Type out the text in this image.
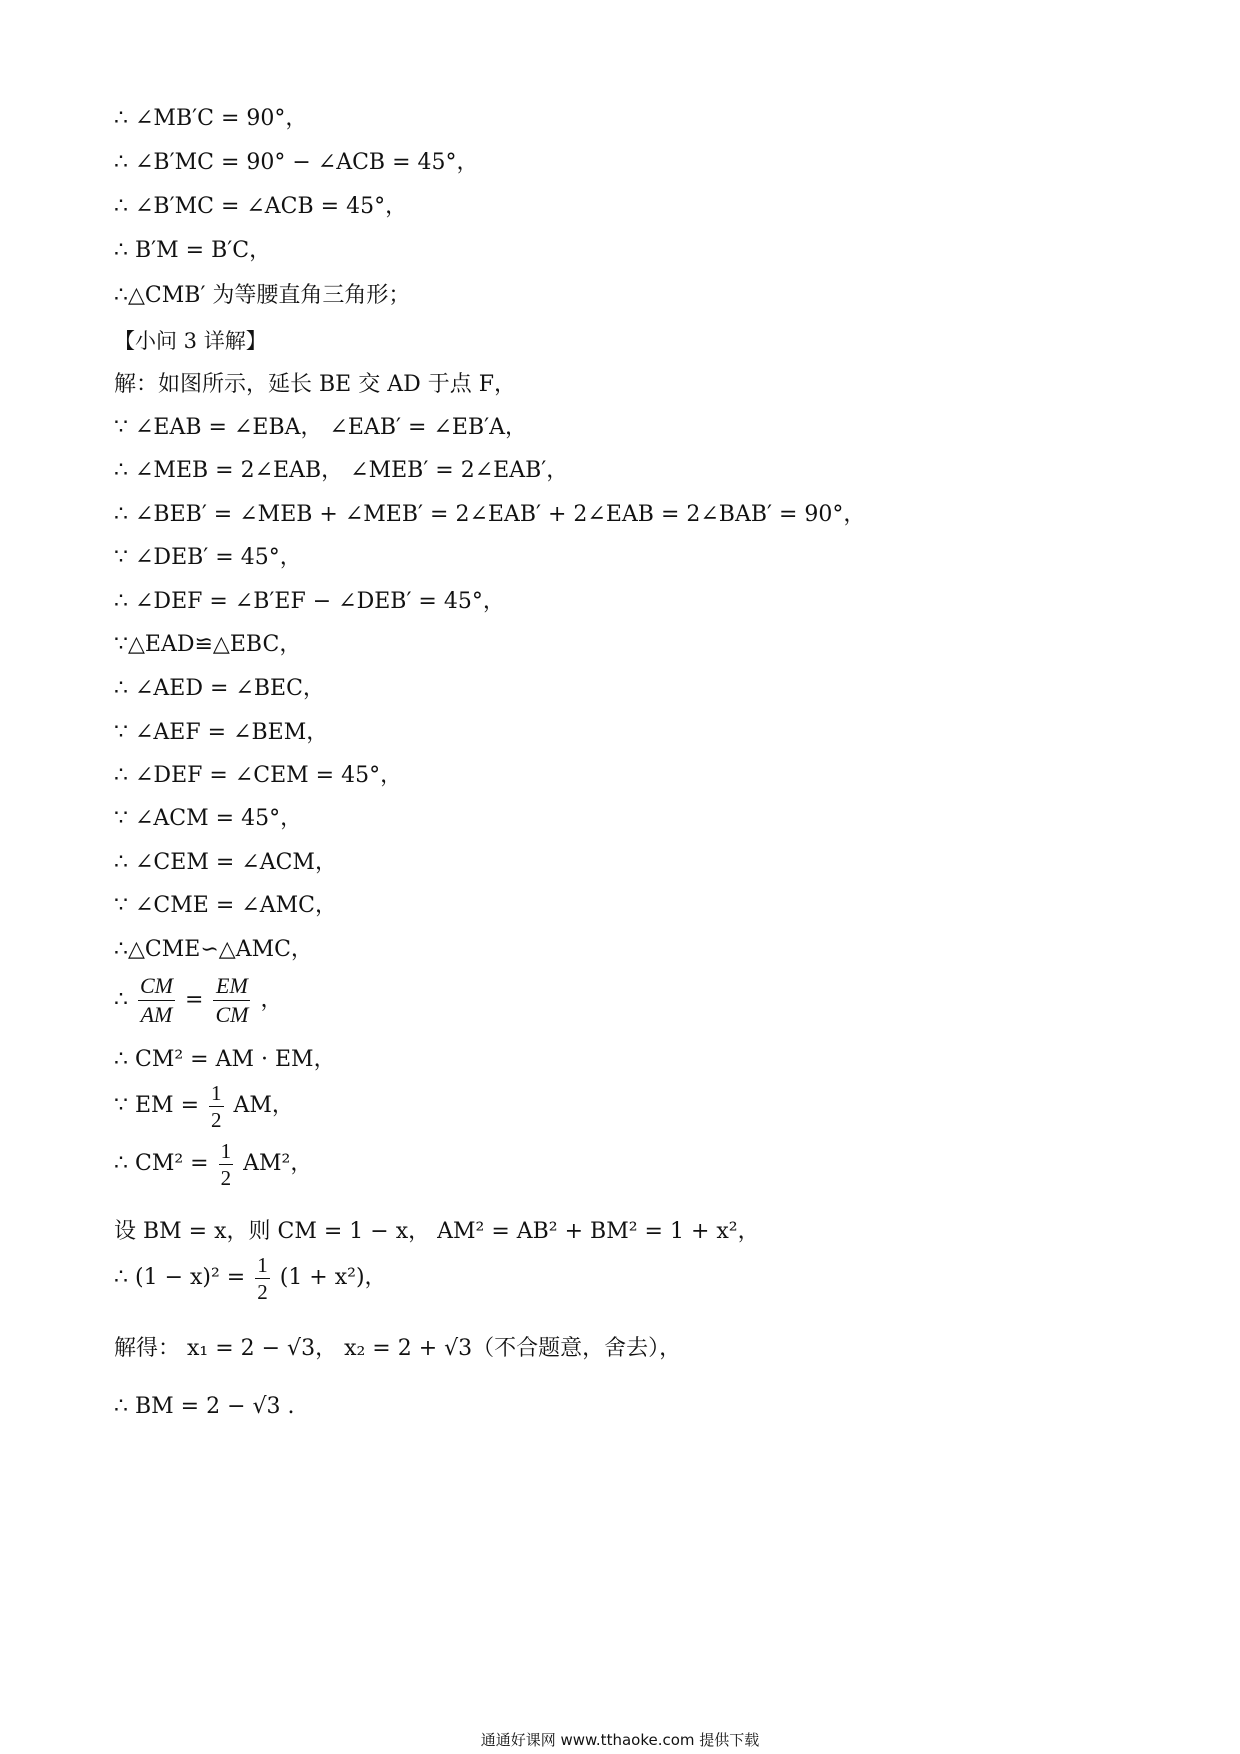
∴ ∠MB′C = 90°，
∴ ∠B′MC = 90° − ∠ACB = 45°，
∴ ∠B′MC = ∠ACB = 45°，
∴ B′M = B′C，
∴△CMB′ 为等腰直角三角形；
【小问 3 详解】
解：如图所示，延长 BE 交 AD 于点 F，
∵ ∠EAB = ∠EBA， ∠EAB′ = ∠EB′A，
∴ ∠MEB = 2∠EAB， ∠MEB′ = 2∠EAB′，
∴ ∠BEB′ = ∠MEB + ∠MEB′ = 2∠EAB′ + 2∠EAB = 2∠BAB′ = 90°，
∵ ∠DEB′ = 45°，
∴ ∠DEF = ∠B′EF − ∠DEB′ = 45°，
∵△EAD≌△EBC，
∴ ∠AED = ∠BEC，
∵ ∠AEF = ∠BEM，
∴ ∠DEF = ∠CEM = 45°，
∵ ∠ACM = 45°，
∴ ∠CEM = ∠ACM，
∵ ∠CME = ∠AMC，
∴△CME∽△AMC，
∴ $\frac{CM}{AM} = \frac{EM}{CM}$ ，
∴ CM² = AM · EM，
∵ EM = $\frac{1}{2}$ AM，
∴ $CM^2 = \frac{1}{2} AM^2$，
设 BM = x，则 CM = 1 − x， AM² = AB² + BM² = 1 + x²，
∴ $(1 - x)^2 = \frac{1}{2} (1 + x^2)$，
解得： x₁ = 2 − √3， x₂ = 2 + √3（不合题意，舍去），
∴ BM = 2 − √3 .
通通好课网 www.tthaoke.com 提供下载
